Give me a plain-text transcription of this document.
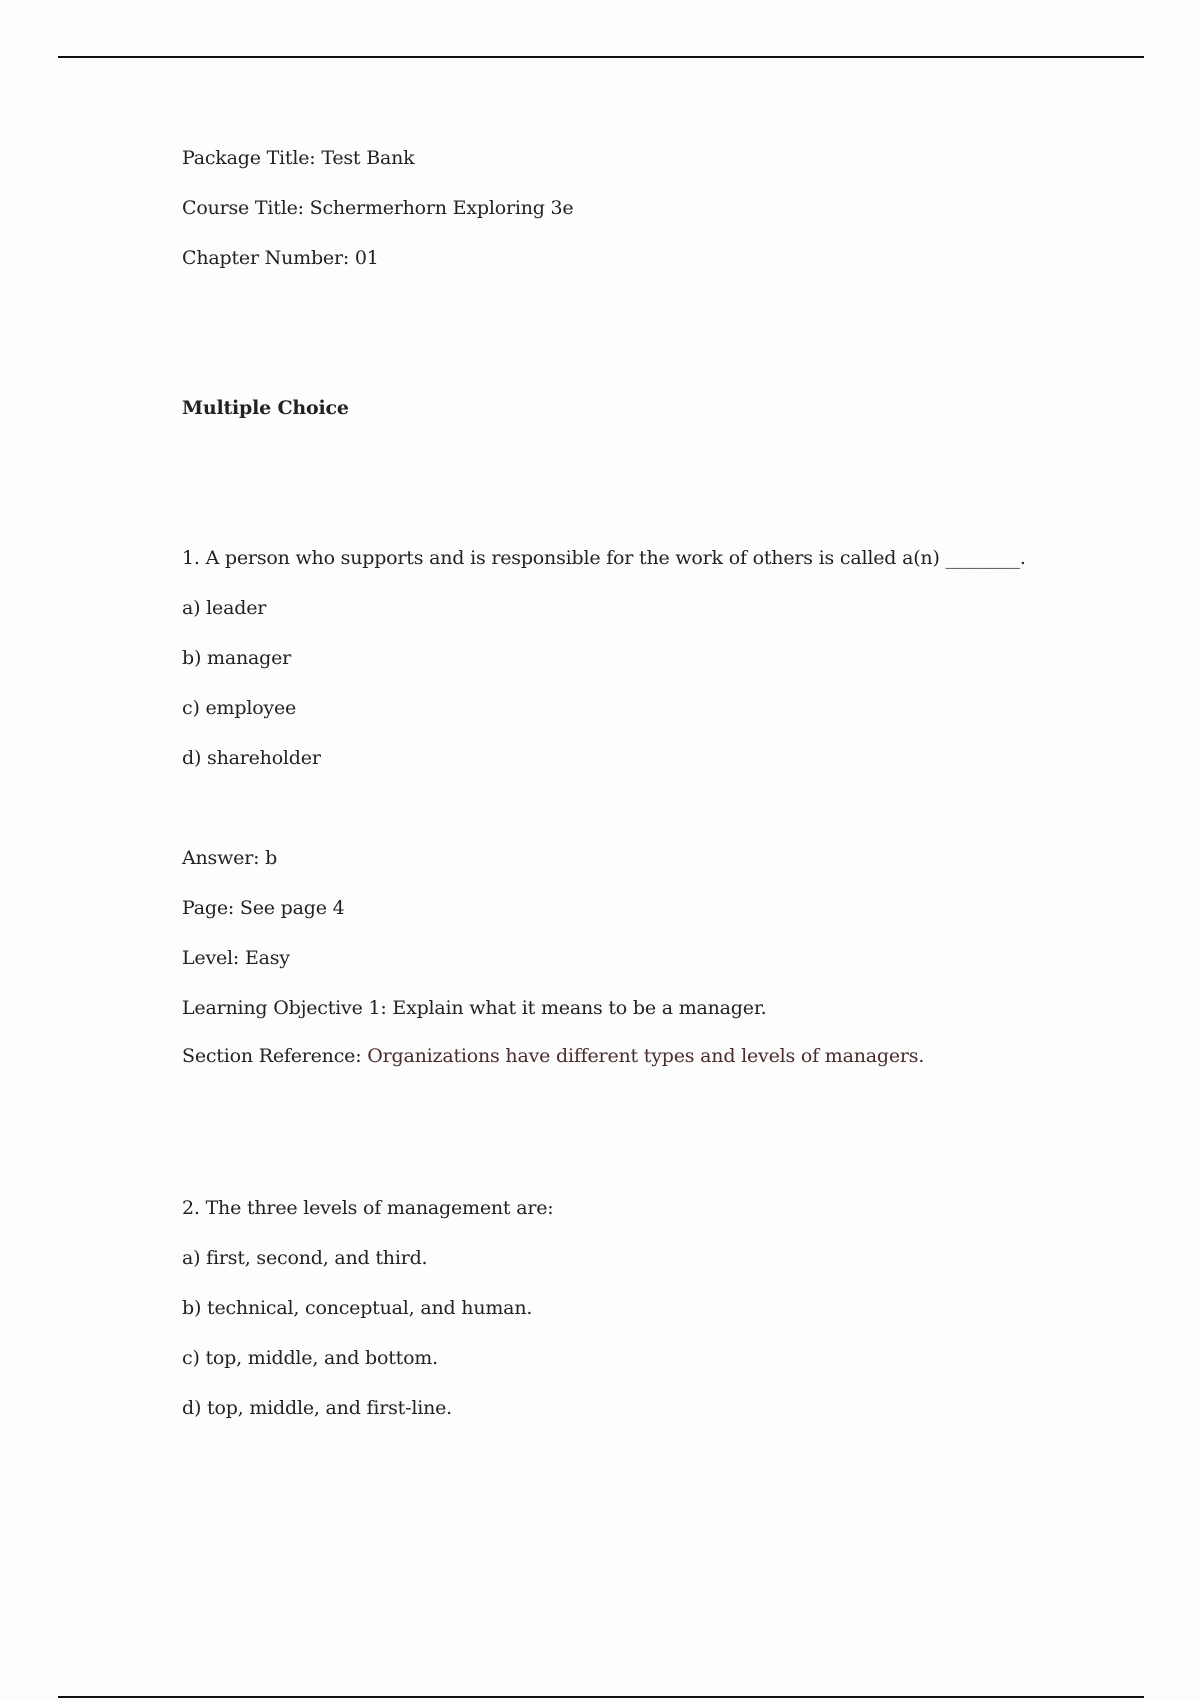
Package Title: Test Bank
Course Title: Schermerhorn Exploring 3e
Chapter Number: 01
Multiple Choice
1. A person who supports and is responsible for the work of others is called a(n) ________.
a) leader
b) manager
c) employee
d) shareholder
Answer: b
Page: See page 4
Level: Easy
Learning Objective 1: Explain what it means to be a manager.
Section Reference: Organizations have different types and levels of managers.
2. The three levels of management are:
a) first, second, and third.
b) technical, conceptual, and human.
c) top, middle, and bottom.
d) top, middle, and first-line.
